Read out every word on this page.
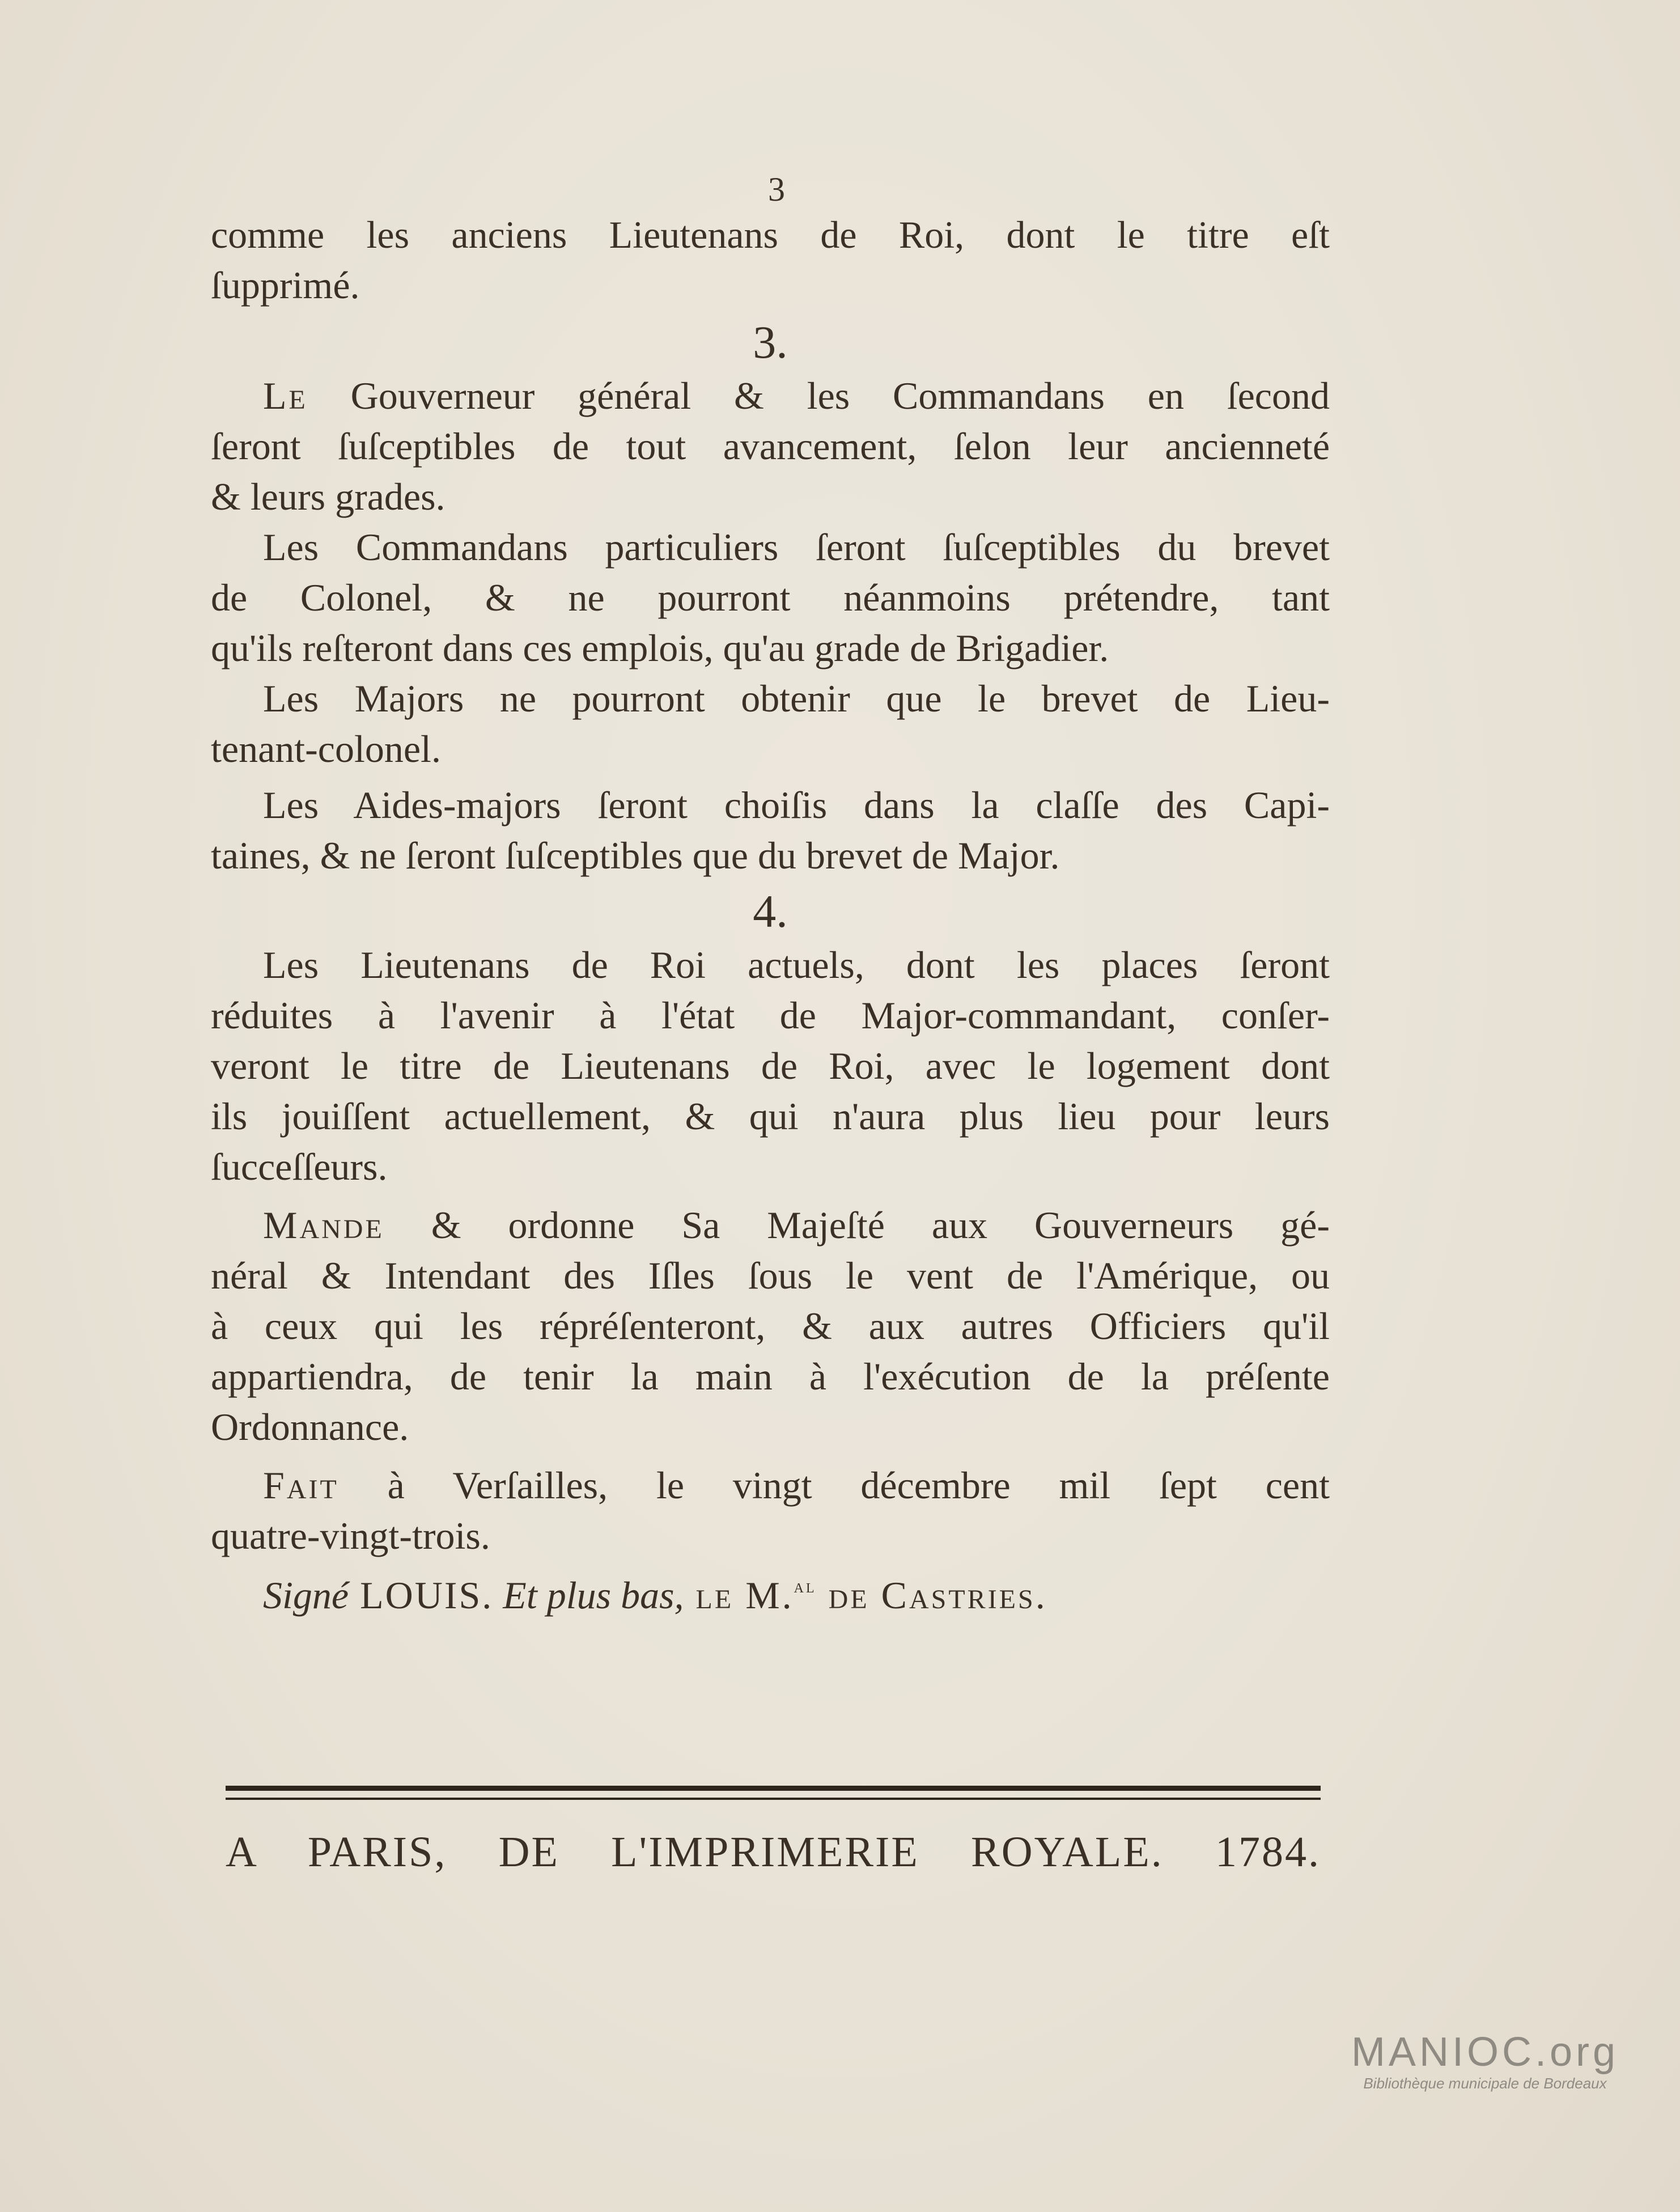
3
comme les anciens Lieutenans de Roi, dont le titre eſt
ſupprimé.
3.
Le Gouverneur général & les Commandans en ſecond
ſeront ſuſceptibles de tout avancement, ſelon leur ancienneté
& leurs grades.
Les Commandans particuliers ſeront ſuſceptibles du brevet
de Colonel, & ne pourront néanmoins prétendre, tant
qu'ils reſteront dans ces emplois, qu'au grade de Brigadier.
Les Majors ne pourront obtenir que le brevet de Lieu-
tenant-colonel.
Les Aides-majors ſeront choiſis dans la claſſe des Capi-
taines, & ne ſeront ſuſceptibles que du brevet de Major.
4.
Les Lieutenans de Roi actuels, dont les places ſeront
réduites à l'avenir à l'état de Major-commandant, conſer-
veront le titre de Lieutenans de Roi, avec le logement dont
ils jouiſſent actuellement, & qui n'aura plus lieu pour leurs
ſucceſſeurs.
Mande & ordonne Sa Majeſté aux Gouverneurs gé-
néral & Intendant des Iſles ſous le vent de l'Amérique, ou
à ceux qui les répréſenteront, & aux autres Officiers qu'il
appartiendra, de tenir la main à l'exécution de la préſente
Ordonnance.
Fait à Verſailles, le vingt décembre mil ſept cent
quatre-vingt-trois.
Signé LOUIS. Et plus bas, le M.$^{al}$ de Castries.
A PARIS, DE L'IMPRIMERIE ROYALE. 1784.
MANIOC.org
Bibliothèque municipale de Bordeaux
